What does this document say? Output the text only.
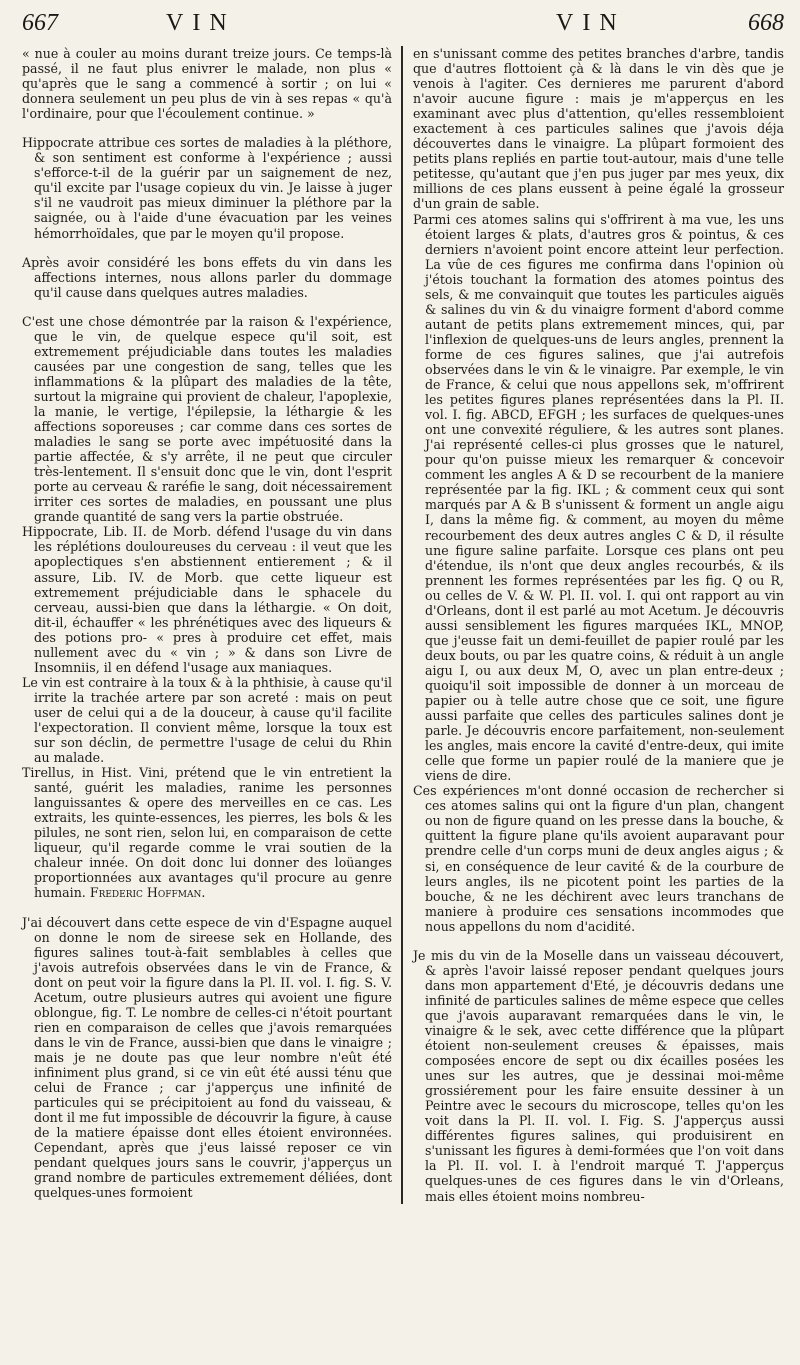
667	VIN	VIN	668

« nue à couler au moins durant treize jours. Ce temps-là passé, il ne faut plus enivrer le malade, non plus « qu'après que le sang a commencé à sortir ; on lui « donnera seulement un peu plus de vin à ses repas « qu'à l'ordinaire, pour que l'écoulement continue. »

Hippocrate attribue ces sortes de maladies à la pléthore, & son sentiment est conforme à l'expérience ; aussi s'efforce-t-il de la guérir par un saignement de nez, qu'il excite par l'usage copieux du vin. Je laisse à juger s'il ne vaudroit pas mieux diminuer la pléthore par la saignée, ou à l'aide d'une évacuation par les veines hémorrhoïdales, que par le moyen qu'il propose.

Après avoir considéré les bons effets du vin dans les affections internes, nous allons parler du dommage qu'il cause dans quelques autres maladies.

C'est une chose démontrée par la raison & l'expérience, que le vin, de quelque espece qu'il soit, est extremement préjudiciable dans toutes les maladies causées par une congestion de sang, telles que les inflammations & la plûpart des maladies de la tête, surtout la migraine qui provient de chaleur, l'apoplexie, la manie, le vertige, l'épilepsie, la léthargie & les affections soporeuses ; car comme dans ces sortes de maladies le sang se porte avec impétuosité dans la partie affectée, & s'y arrête, il ne peut que circuler très-lentement. Il s'ensuit donc que le vin, dont l'esprit porte au cerveau & raréfie le sang, doit nécessairement irriter ces sortes de maladies, en poussant une plus grande quantité de sang vers la partie obstruée.

Hippocrate, Lib. II. de Morb. défend l'usage du vin dans les réplétions douloureuses du cerveau : il veut que les apoplectiques s'en abstiennent entierement ; & il assure, Lib. IV. de Morb. que cette liqueur est extremement préjudiciable dans le sphacele du cerveau, aussi-bien que dans la léthargie. « On doit, dit-il, échauffer « les phrénétiques avec des liqueurs & des potions pro- « pres à produire cet effet, mais nullement avec du « vin ; » & dans son Livre de Insomniis, il en défend l'usage aux maniaques.

Le vin est contraire à la toux & à la phthisie, à cause qu'il irrite la trachée artere par son acreté : mais on peut user de celui qui a de la douceur, à cause qu'il facilite l'expectoration. Il convient même, lorsque la toux est sur son déclin, de permettre l'usage de celui du Rhin au malade.

Tirellus, in Hist. Vini, prétend que le vin entretient la santé, guérit les maladies, ranime les personnes languissantes & opere des merveilles en ce cas. Les extraits, les quinte-essences, les pierres, les bols & les pilules, ne sont rien, selon lui, en comparaison de cette liqueur, qu'il regarde comme le vrai soutien de la chaleur innée. On doit donc lui donner des loüanges proportionnées aux avantages qu'il procure au genre humain. Frederic Hoffman.

J'ai découvert dans cette espece de vin d'Espagne auquel on donne le nom de sireese sek en Hollande, des figures salines tout-à-fait semblables à celles que j'avois autrefois observées dans le vin de France, & dont on peut voir la figure dans la Pl. II. vol. I. fig. S. V. Acetum, outre plusieurs autres qui avoient une figure oblongue, fig. T. Le nombre de celles-ci n'étoit pourtant rien en comparaison de celles que j'avois remarquées dans le vin de France, aussi-bien que dans le vinaigre ; mais je ne doute pas que leur nombre n'eût été infiniment plus grand, si ce vin eût été aussi ténu que celui de France ; car j'apperçus une infinité de particules qui se précipitoient au fond du vaisseau, & dont il me fut impossible de découvrir la figure, à cause de la matiere épaisse dont elles étoient environnées. Cependant, après que j'eus laissé reposer ce vin pendant quelques jours sans le couvrir, j'apperçus un grand nombre de particules extremement déliées, dont quelques-unes formoient

en s'unissant comme des petites branches d'arbre, tandis que d'autres flottoient çà & là dans le vin dès que je venois à l'agiter. Ces dernieres me parurent d'abord n'avoir aucune figure : mais je m'apperçus en les examinant avec plus d'attention, qu'elles ressembloient exactement à ces particules salines que j'avois déja découvertes dans le vinaigre. La plûpart formoient des petits plans repliés en partie tout-autour, mais d'une telle petitesse, qu'autant que j'en pus juger par mes yeux, dix millions de ces plans eussent à peine égalé la grosseur d'un grain de sable.

Parmi ces atomes salins qui s'offrirent à ma vue, les uns étoient larges & plats, d'autres gros & pointus, & ces derniers n'avoient point encore atteint leur perfection. La vûe de ces figures me confirma dans l'opinion où j'étois touchant la formation des atomes pointus des sels, & me convainquit que toutes les particules aiguës & salines du vin & du vinaigre forment d'abord comme autant de petits plans extremement minces, qui, par l'inflexion de quelques-uns de leurs angles, prennent la forme de ces figures salines, que j'ai autrefois observées dans le vin & le vinaigre. Par exemple, le vin de France, & celui que nous appellons sek, m'offrirent les petites figures planes représentées dans la Pl. II. vol. I. fig. ABCD, EFGH ; les surfaces de quelques-unes ont une convexité réguliere, & les autres sont planes. J'ai représenté celles-ci plus grosses que le naturel, pour qu'on puisse mieux les remarquer & concevoir comment les angles A & D se recourbent de la maniere représentée par la fig. IKL ; & comment ceux qui sont marqués par A & B s'unissent & forment un angle aigu I, dans la même fig. & comment, au moyen du même recourbement des deux autres angles C & D, il résulte une figure saline parfaite. Lorsque ces plans ont peu d'étendue, ils n'ont que deux angles recourbés, & ils prennent les formes représentées par les fig. Q ou R, ou celles de V. & W. Pl. II. vol. I. qui ont rapport au vin d'Orleans, dont il est parlé au mot Acetum. Je découvris aussi sensiblement les figures marquées IKL, MNOP, que j'eusse fait un demi-feuillet de papier roulé par les deux bouts, ou par les quatre coins, & réduit à un angle aigu I, ou aux deux M, O, avec un plan entre-deux ; quoiqu'il soit impossible de donner à un morceau de papier ou à telle autre chose que ce soit, une figure aussi parfaite que celles des particules salines dont je parle. Je découvris encore parfaitement, non-seulement les angles, mais encore la cavité d'entre-deux, qui imite celle que forme un papier roulé de la maniere que je viens de dire.

Ces expériences m'ont donné occasion de rechercher si ces atomes salins qui ont la figure d'un plan, changent ou non de figure quand on les presse dans la bouche, & quittent la figure plane qu'ils avoient auparavant pour prendre celle d'un corps muni de deux angles aigus ; & si, en conséquence de leur cavité & de la courbure de leurs angles, ils ne picotent point les parties de la bouche, & ne les déchirent avec leurs tranchans de maniere à produire ces sensations incommodes que nous appellons du nom d'acidité.

Je mis du vin de la Moselle dans un vaisseau découvert, & après l'avoir laissé reposer pendant quelques jours dans mon appartement d'Eté, je découvris dedans une infinité de particules salines de même espece que celles que j'avois auparavant remarquées dans le vin, le vinaigre & le sek, avec cette différence que la plûpart étoient non-seulement creuses & épaisses, mais composées encore de sept ou dix écailles posées les unes sur les autres, que je dessinai moi-même grossiérement pour les faire ensuite dessiner à un Peintre avec le secours du microscope, telles qu'on les voit dans la Pl. II. vol. I. Fig. S. J'apperçus aussi différentes figures salines, qui produisirent en s'unissant les figures à demi-formées que l'on voit dans la Pl. II. vol. I. à l'endroit marqué T. J'apperçus quelques-unes de ces figures dans le vin d'Orleans, mais elles étoient moins nombreu-
